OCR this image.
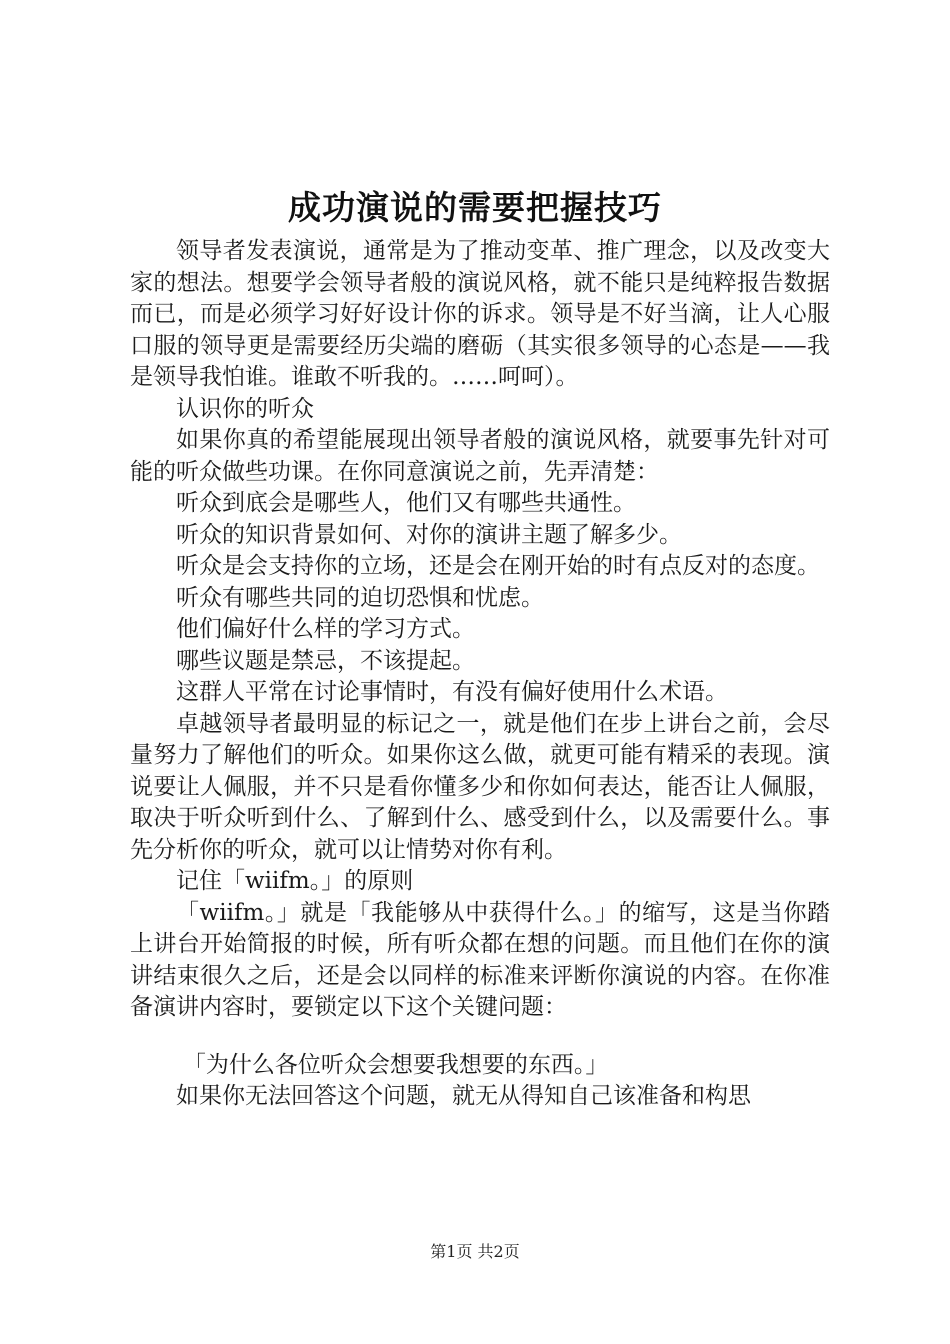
成功演说的需要把握技巧

领导者发表演说，通常是为了推动变革、推广理念，以及改变大家的想法。想要学会领导者般的演说风格，就不能只是纯粹报告数据而已，而是必须学习好好设计你的诉求。领导是不好当滴，让人心服口服的领导更是需要经历尖端的磨砺（其实很多领导的心态是——我是领导我怕谁。谁敢不听我的。……呵呵）。

认识你的听众

如果你真的希望能展现出领导者般的演说风格，就要事先针对可能的听众做些功课。在你同意演说之前，先弄清楚：

听众到底会是哪些人，他们又有哪些共通性。

听众的知识背景如何、对你的演讲主题了解多少。

听众是会支持你的立场，还是会在刚开始的时有点反对的态度。

听众有哪些共同的迫切恐惧和忧虑。

他们偏好什么样的学习方式。

哪些议题是禁忌，不该提起。

这群人平常在讨论事情时，有没有偏好使用什么术语。

卓越领导者最明显的标记之一，就是他们在步上讲台之前，会尽量努力了解他们的听众。如果你这么做，就更可能有精采的表现。演说要让人佩服，并不只是看你懂多少和你如何表达，能否让人佩服，取决于听众听到什么、了解到什么、感受到什么，以及需要什么。事先分析你的听众，就可以让情势对你有利。

记住「wiifm。」的原则

「wiifm。」就是「我能够从中获得什么。」的缩写，这是当你踏上讲台开始简报的时候，所有听众都在想的问题。而且他们在你的演讲结束很久之后，还是会以同样的标准来评断你演说的内容。在你准备演讲内容时，要锁定以下这个关键问题：

「为什么各位听众会想要我想要的东西。」

如果你无法回答这个问题，就无从得知自己该准备和构思

第1页 共2页
